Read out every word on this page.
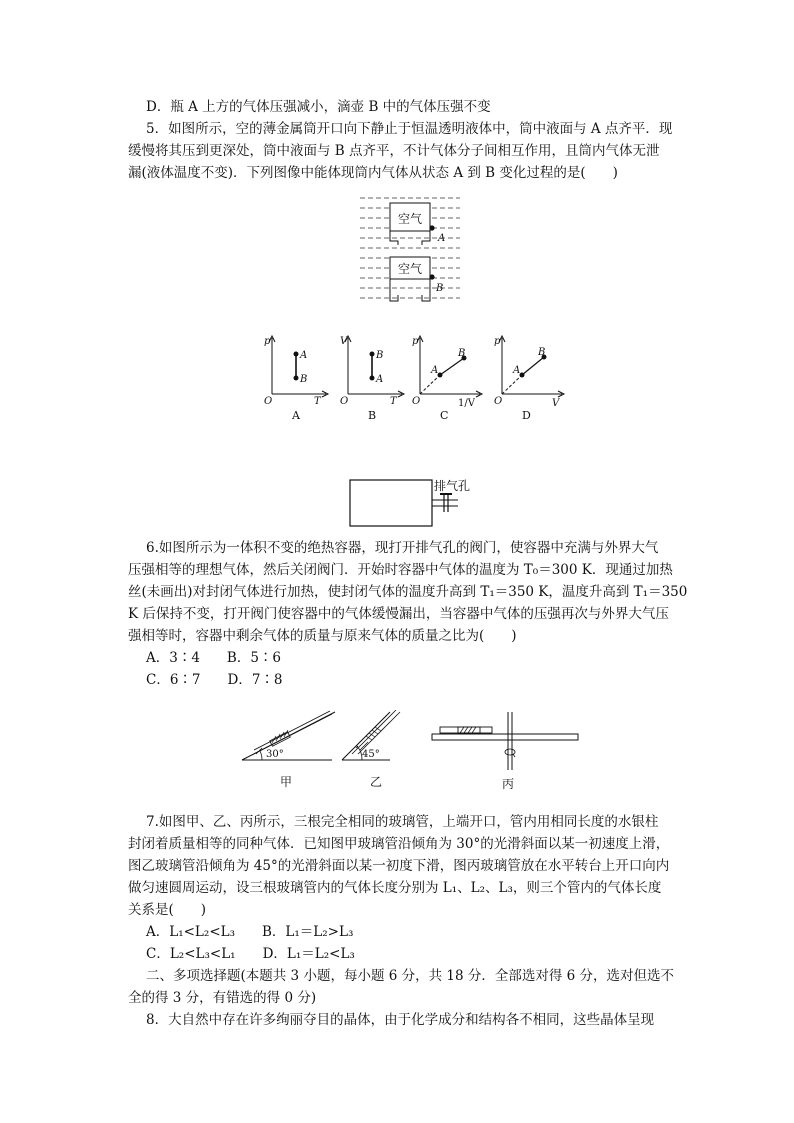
D．瓶 A 上方的气体压强减小，滴壶 B 中的气体压强不变
5．如图所示，空的薄金属筒开口向下静止于恒温透明液体中，筒中液面与 A 点齐平．现
缓慢将其压到更深处，筒中液面与 B 点齐平，不计气体分子间相互作用，且筒内气体无泄
漏(液体温度不变)．下列图像中能体现筒内气体从状态 A 到 B 变化过程的是(　　)
空气
A
空气
B
p
T
O
A
B
A
V
T
O
B
A
B
p
1/V
O
A
B
C
p
V
O
A
B
D
排气孔
6.如图所示为一体积不变的绝热容器，现打开排气孔的阀门，使容器中充满与外界大气
压强相等的理想气体，然后关闭阀门．开始时容器中气体的温度为 T₀＝300 K．现通过加热
丝(未画出)对封闭气体进行加热，使封闭气体的温度升高到 T₁＝350 K，温度升高到 T₁＝350
K 后保持不变，打开阀门使容器中的气体缓慢漏出，当容器中气体的压强再次与外界大气压
强相等时，容器中剩余气体的质量与原来气体的质量之比为(　　)
A．3∶4　　B．5∶6
C．6∶7　　D．7∶8
30°
甲
45°
乙	丙
7.如图甲、乙、丙所示，三根完全相同的玻璃管，上端开口，管内用相同长度的水银柱
封闭着质量相等的同种气体．已知图甲玻璃管沿倾角为 30°的光滑斜面以某一初速度上滑，
图乙玻璃管沿倾角为 45°的光滑斜面以某一初度下滑，图丙玻璃管放在水平转台上开口向内
做匀速圆周运动，设三根玻璃管内的气体长度分别为 L₁、L₂、L₃，则三个管内的气体长度
关系是(　　)
A．L₁<L₂<L₃　　B．L₁＝L₂>L₃
C．L₂<L₃<L₁　　D．L₁＝L₂<L₃
二、多项选择题(本题共 3 小题，每小题 6 分，共 18 分．全部选对得 6 分，选对但选不
全的得 3 分，有错选的得 0 分)
8．大自然中存在许多绚丽夺目的晶体，由于化学成分和结构各不相同，这些晶体呈现
